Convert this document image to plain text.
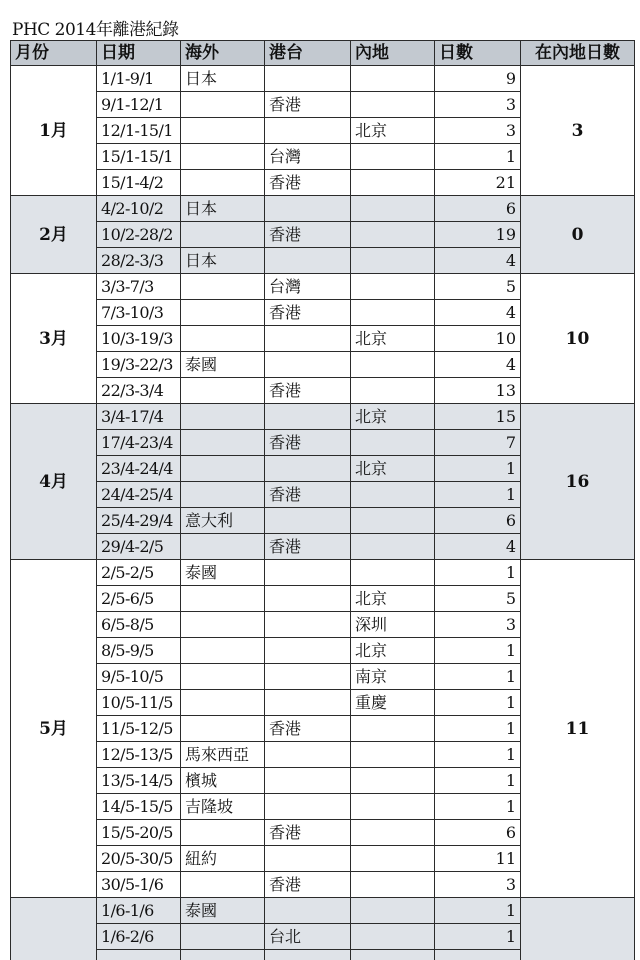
PHC 2014年離港紀錄
月份	日期	海外	港台	內地	日數	在內地日數
1月	1/1-9/1	日本			9	3
	9/1-12/1		香港		3	
	12/1-15/1			北京	3	
	15/1-15/1		台灣		1	
	15/1-4/2		香港		21	
2月	4/2-10/2	日本			6	0
	10/2-28/2		香港		19	
	28/2-3/3	日本			4	
3月	3/3-7/3		台灣		5	10
	7/3-10/3		香港		4	
	10/3-19/3			北京	10	
	19/3-22/3	泰國			4	
	22/3-3/4		香港		13	
4月	3/4-17/4			北京	15	16
	17/4-23/4		香港		7	
	23/4-24/4			北京	1	
	24/4-25/4		香港		1	
	25/4-29/4	意大利			6	
	29/4-2/5		香港		4	
5月	2/5-2/5	泰國			1	11
	2/5-6/5			北京	5	
	6/5-8/5			深圳	3	
	8/5-9/5			北京	1	
	9/5-10/5			南京	1	
	10/5-11/5			重慶	1	
	11/5-12/5		香港		1	
	12/5-13/5	馬來西亞			1	
	13/5-14/5	檳城			1	
	14/5-15/5	吉隆坡			1	
	15/5-20/5		香港		6	
	20/5-30/5	紐約			11	
	30/5-1/6		香港		3	
	1/6-1/6	泰國			1	
	1/6-2/6		台北		1	
